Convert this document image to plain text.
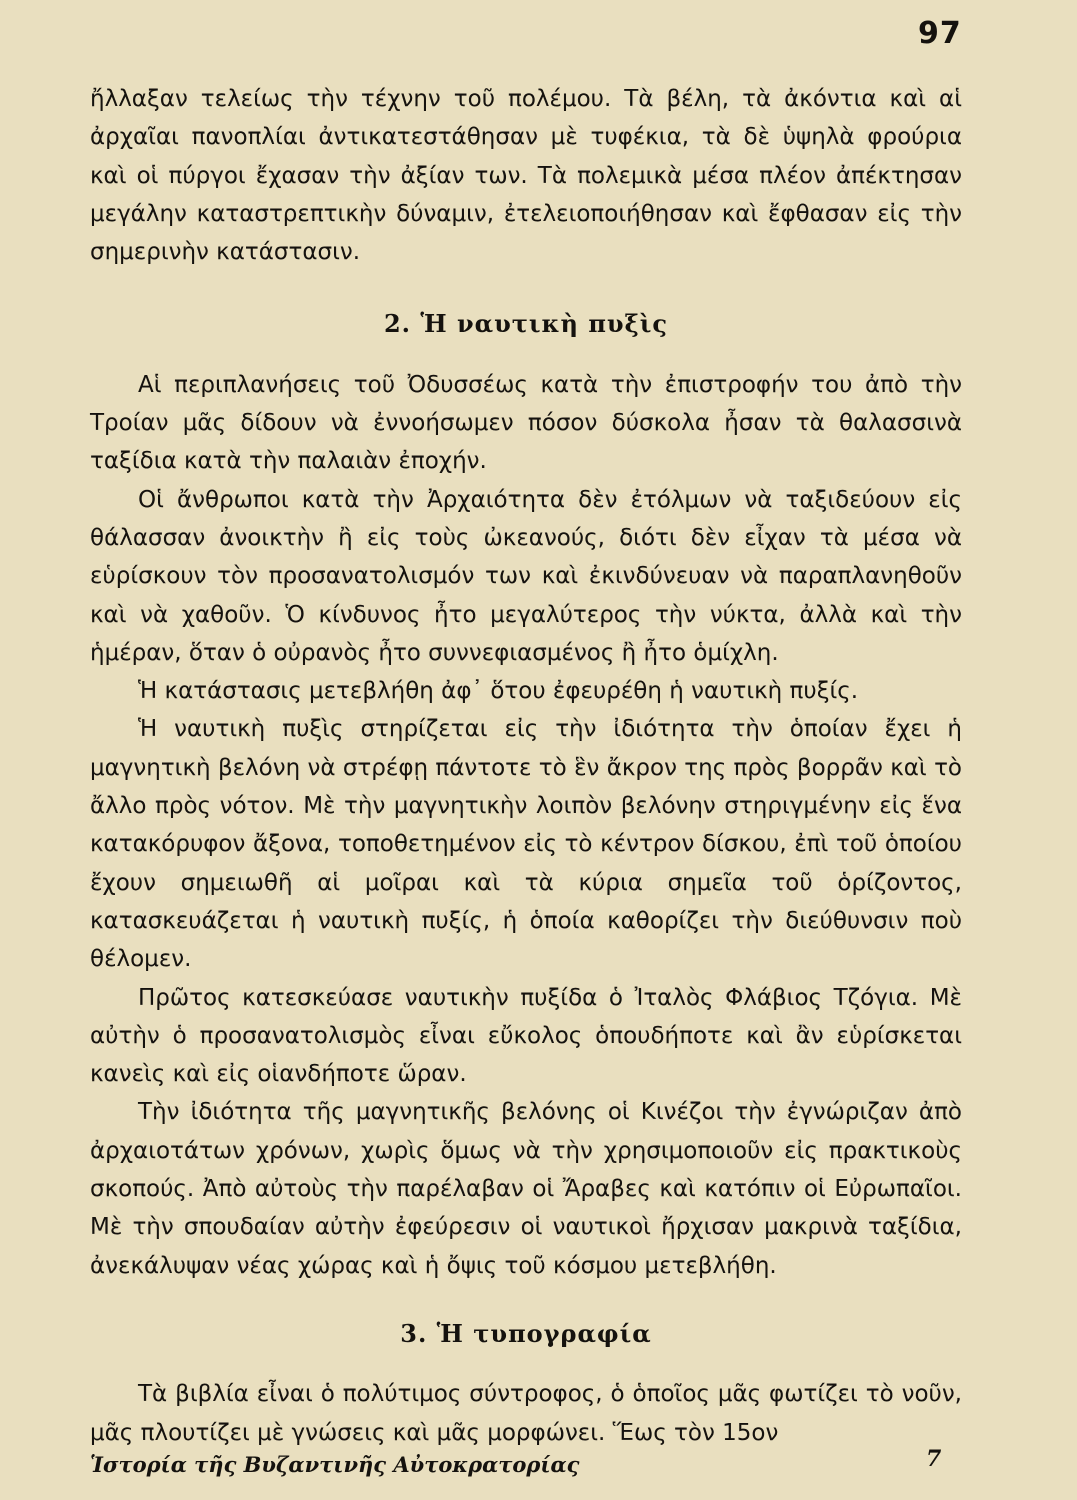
97

ἤλλαξαν τελείως τὴν τέχνην τοῦ πολέμου. Τὰ βέλη, τὰ ἀκόντια καὶ αἱ ἀρχαῖαι πανοπλίαι ἀντικατεστάθησαν μὲ τυφέκια, τὰ δὲ ὑψηλὰ φρούρια καὶ οἱ πύργοι ἔχασαν τὴν ἀξίαν των. Τὰ πολεμικὰ μέσα πλέον ἀπέκτησαν μεγάλην καταστρεπτικὴν δύναμιν, ἐτελειοποιήθησαν καὶ ἔφθασαν εἰς τὴν σημερινὴν κατάστασιν.

2. Ἡ ναυτικὴ πυξὶς

Αἱ περιπλανήσεις τοῦ Ὀδυσσέως κατὰ τὴν ἐπιστροφήν του ἀπὸ τὴν Τροίαν μᾶς δίδουν νὰ ἐννοήσωμεν πόσον δύσκολα ἦσαν τὰ θαλασσινὰ ταξίδια κατὰ τὴν παλαιὰν ἐποχήν.

Οἱ ἄνθρωποι κατὰ τὴν Ἀρχαιότητα δὲν ἐτόλμων νὰ ταξιδεύουν εἰς θάλασσαν ἀνοικτὴν ἢ εἰς τοὺς ὠκεανούς, διότι δὲν εἶχαν τὰ μέσα νὰ εὑρίσκουν τὸν προσανατολισμόν των καὶ ἐκινδύνευαν νὰ παραπλανηθοῦν καὶ νὰ χαθοῦν. Ὁ κίνδυνος ἦτο μεγαλύτερος τὴν νύκτα, ἀλλὰ καὶ τὴν ἡμέραν, ὅταν ὁ οὐρανὸς ἦτο συννεφιασμένος ἢ ἦτο ὁμίχλη.

Ἡ κατάστασις μετεβλήθη ἀφ᾿ ὅτου ἐφευρέθη ἡ ναυτικὴ πυξίς.

Ἡ ναυτικὴ πυξὶς στηρίζεται εἰς τὴν ἰδιότητα τὴν ὁποίαν ἔχει ἡ μαγνητικὴ βελόνη νὰ στρέφῃ πάντοτε τὸ ἓν ἄκρον της πρὸς βορρᾶν καὶ τὸ ἄλλο πρὸς νότον. Μὲ τὴν μαγνητικὴν λοιπὸν βελόνην στηριγμένην εἰς ἕνα κατακόρυφον ἄξονα, τοποθετημένον εἰς τὸ κέντρον δίσκου, ἐπὶ τοῦ ὁποίου ἔχουν σημειωθῆ αἱ μοῖραι καὶ τὰ κύρια σημεῖα τοῦ ὁρίζοντος, κατασκευάζεται ἡ ναυτικὴ πυξίς, ἡ ὁποία καθορίζει τὴν διεύθυνσιν ποὺ θέλομεν.

Πρῶτος κατεσκεύασε ναυτικὴν πυξίδα ὁ Ἰταλὸς Φλάβιος Τζόγια. Μὲ αὐτὴν ὁ προσανατολισμὸς εἶναι εὔκολος ὁπουδήποτε καὶ ἂν εὑρίσκεται κανεὶς καὶ εἰς οἱανδήποτε ὥραν.

Τὴν ἰδιότητα τῆς μαγνητικῆς βελόνης οἱ Κινέζοι τὴν ἐγνώριζαν ἀπὸ ἀρχαιοτάτων χρόνων, χωρὶς ὅμως νὰ τὴν χρησιμοποιοῦν εἰς πρακτικοὺς σκοπούς. Ἀπὸ αὐτοὺς τὴν παρέλαβαν οἱ Ἄραβες καὶ κατόπιν οἱ Εὐρωπαῖοι. Μὲ τὴν σπουδαίαν αὐτὴν ἐφεύρεσιν οἱ ναυτικοὶ ἤρχισαν μακρινὰ ταξίδια, ἀνεκάλυψαν νέας χώρας καὶ ἡ ὄψις τοῦ κόσμου μετεβλήθη.

3. Ἡ τυπογραφία

Τὰ βιβλία εἶναι ὁ πολύτιμος σύντροφος, ὁ ὁποῖος μᾶς φωτίζει τὸ νοῦν, μᾶς πλουτίζει μὲ γνώσεις καὶ μᾶς μορφώνει. Ἕως τὸν 15ον

Ἱστορία τῆς Βυζαντινῆς Αὐτοκρατορίας	7
